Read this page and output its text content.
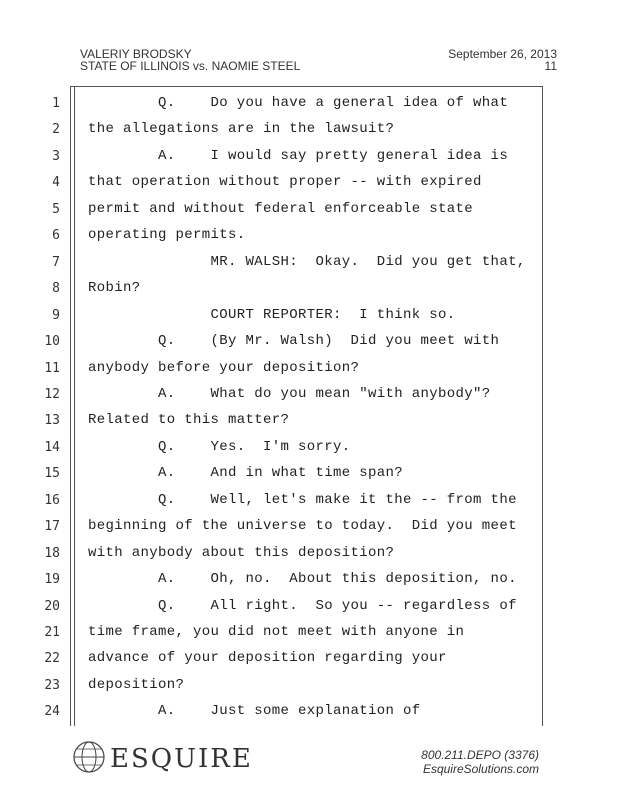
VALERIY BRODSKY
STATE OF ILLINOIS vs. NAOMIE STEEL
September 26, 2013
11
1 Q.    Do you have a general idea of what
2 the allegations are in the lawsuit?
3 A.    I would say pretty general idea is
4 that operation without proper -- with expired
5 permit and without federal enforceable state
6 operating permits.
7 MR. WALSH:  Okay.  Did you get that,
8 Robin?
9 COURT REPORTER:  I think so.
10 Q.    (By Mr. Walsh)  Did you meet with
11 anybody before your deposition?
12 A.    What do you mean "with anybody"?
13 Related to this matter?
14 Q.    Yes.  I'm sorry.
15 A.    And in what time span?
16 Q.    Well, let's make it the -- from the
17 beginning of the universe to today.  Did you meet
18 with anybody about this deposition?
19 A.    Oh, no.  About this deposition, no.
20 Q.    All right.  So you -- regardless of
21 time frame, you did not meet with anyone in
22 advance of your deposition regarding your
23 deposition?
24 A.    Just some explanation of
ESQUIRE	800.211.DEPO (3376)
EsquireSolutions.com
